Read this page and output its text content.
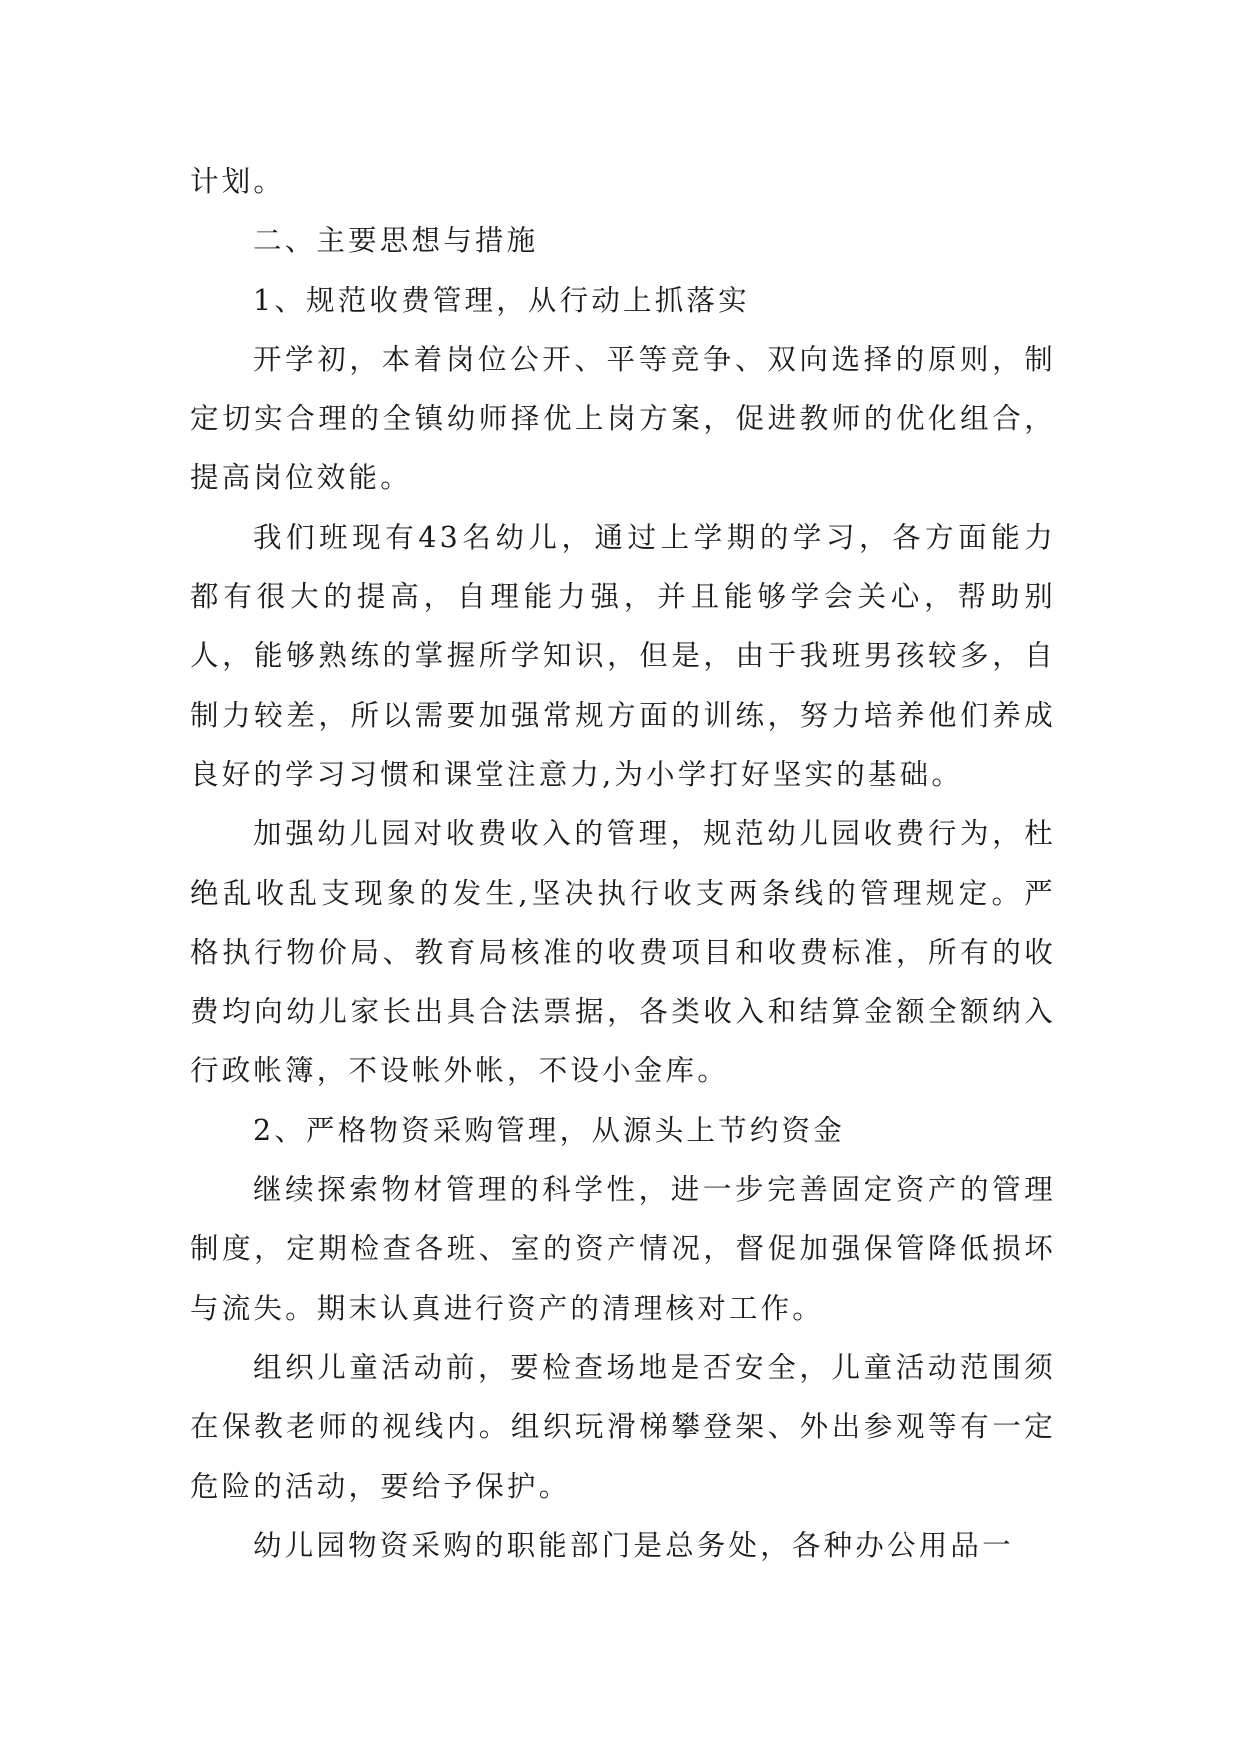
计划。

二、主要思想与措施

1、规范收费管理，从行动上抓落实

开学初，本着岗位公开、平等竞争、双向选择的原则，制定切实合理的全镇幼师择优上岗方案，促进教师的优化组合，提高岗位效能。

我们班现有43名幼儿，通过上学期的学习，各方面能力都有很大的提高，自理能力强，并且能够学会关心，帮助别人，能够熟练的掌握所学知识，但是，由于我班男孩较多，自制力较差，所以需要加强常规方面的训练，努力培养他们养成良好的学习习惯和课堂注意力,为小学打好坚实的基础。

加强幼儿园对收费收入的管理，规范幼儿园收费行为，杜绝乱收乱支现象的发生,坚决执行收支两条线的管理规定。严格执行物价局、教育局核准的收费项目和收费标准，所有的收费均向幼儿家长出具合法票据，各类收入和结算金额全额纳入行政帐簿，不设帐外帐，不设小金库。

2、严格物资采购管理，从源头上节约资金

继续探索物材管理的科学性，进一步完善固定资产的管理制度，定期检查各班、室的资产情况，督促加强保管降低损坏与流失。期末认真进行资产的清理核对工作。

组织儿童活动前，要检查场地是否安全，儿童活动范围须在保教老师的视线内。组织玩滑梯攀登架、外出参观等有一定危险的活动，要给予保护。

幼儿园物资采购的职能部门是总务处，各种办公用品一
